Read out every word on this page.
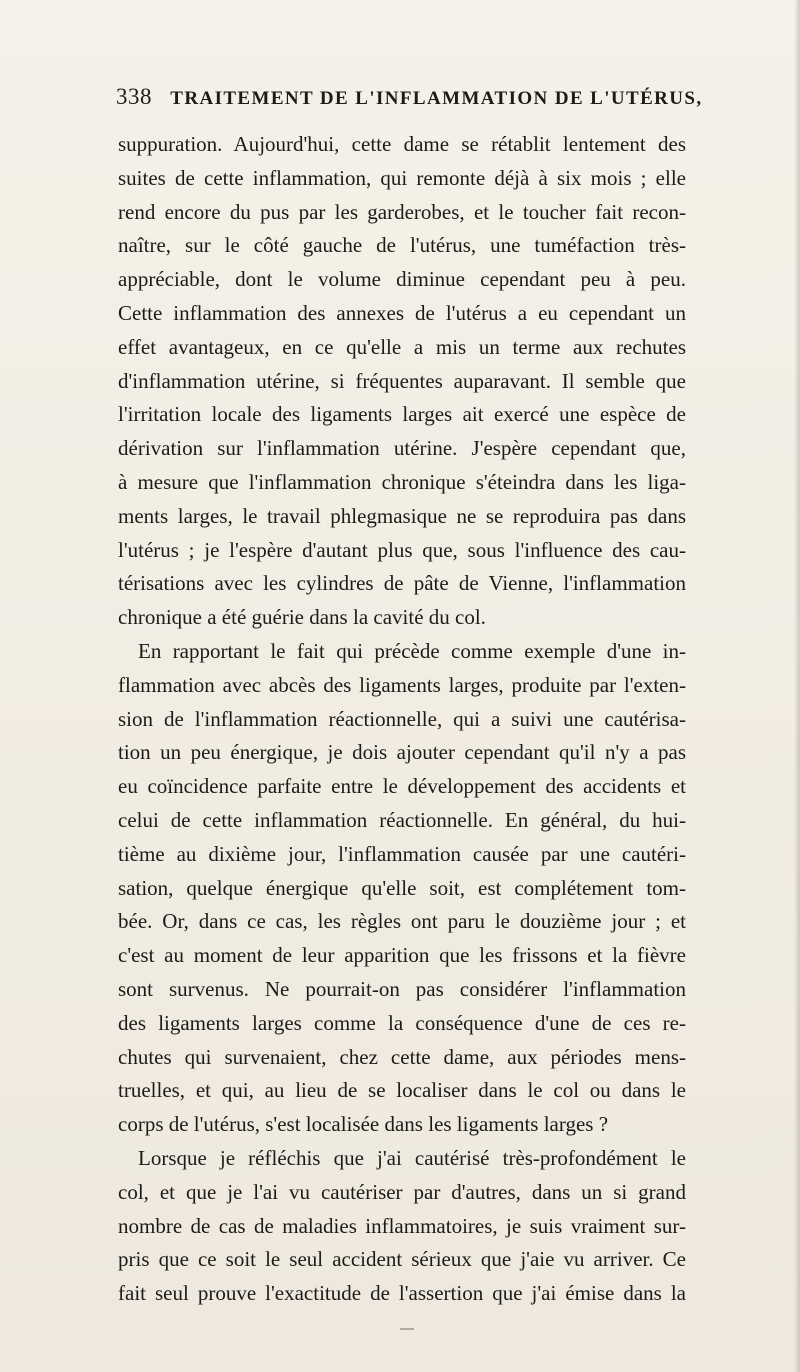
338 TRAITEMENT DE L'INFLAMMATION DE L'UTÉRUS,
suppuration. Aujourd'hui, cette dame se rétablit lentement des
suites de cette inflammation, qui remonte déjà à six mois ; elle
rend encore du pus par les garderobes, et le toucher fait recon-
naître, sur le côté gauche de l'utérus, une tuméfaction très-
appréciable, dont le volume diminue cependant peu à peu.
Cette inflammation des annexes de l'utérus a eu cependant un
effet avantageux, en ce qu'elle a mis un terme aux rechutes
d'inflammation utérine, si fréquentes auparavant. Il semble que
l'irritation locale des ligaments larges ait exercé une espèce de
dérivation sur l'inflammation utérine. J'espère cependant que,
à mesure que l'inflammation chronique s'éteindra dans les liga-
ments larges, le travail phlegmasique ne se reproduira pas dans
l'utérus ; je l'espère d'autant plus que, sous l'influence des cau-
térisations avec les cylindres de pâte de Vienne, l'inflammation
chronique a été guérie dans la cavité du col.
En rapportant le fait qui précède comme exemple d'une in-
flammation avec abcès des ligaments larges, produite par l'exten-
sion de l'inflammation réactionnelle, qui a suivi une cautérisa-
tion un peu énergique, je dois ajouter cependant qu'il n'y a pas
eu coïncidence parfaite entre le développement des accidents et
celui de cette inflammation réactionnelle. En général, du hui-
tième au dixième jour, l'inflammation causée par une cautéri-
sation, quelque énergique qu'elle soit, est complétement tom-
bée. Or, dans ce cas, les règles ont paru le douzième jour ; et
c'est au moment de leur apparition que les frissons et la fièvre
sont survenus. Ne pourrait-on pas considérer l'inflammation
des ligaments larges comme la conséquence d'une de ces re-
chutes qui survenaient, chez cette dame, aux périodes mens-
truelles, et qui, au lieu de se localiser dans le col ou dans le
corps de l'utérus, s'est localisée dans les ligaments larges ?
Lorsque je réfléchis que j'ai cautérisé très-profondément le
col, et que je l'ai vu cautériser par d'autres, dans un si grand
nombre de cas de maladies inflammatoires, je suis vraiment sur-
pris que ce soit le seul accident sérieux que j'aie vu arriver. Ce
fait seul prouve l'exactitude de l'assertion que j'ai émise dans la
